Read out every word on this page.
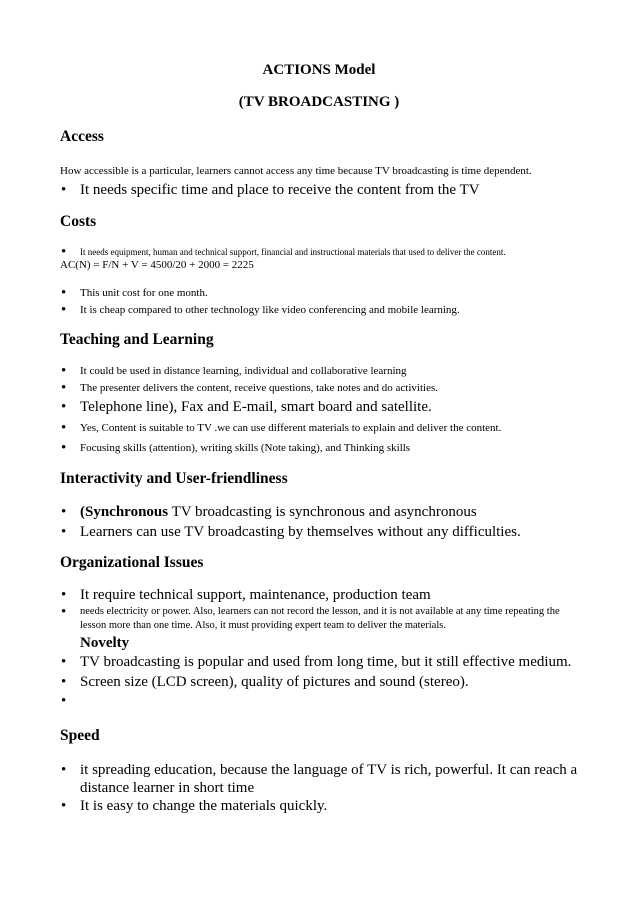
ACTIONS Model
(TV BROADCASTING )
Access

How accessible is a particular, learners cannot access any time because TV broadcasting is time dependent.

• It needs specific time and place to receive the content from the TV
Costs
• It needs equipment, human and technical support, financial and instructional materials that used to deliver the content.

AC(N) = F/N + V = 4500/20 + 2000 = 2225

• This unit cost for one month.
• It is cheap compared to other technology like video conferencing and mobile learning.
Teaching and Learning
• It could be used in distance learning, individual and collaborative learning
• The presenter delivers the content, receive questions, take notes and do activities.
• Telephone line), Fax and E-mail, smart board and satellite.
• Yes, Content is suitable to TV .we can use different materials to explain and deliver the content.
• Focusing skills (attention), writing skills (Note taking), and Thinking skills
Interactivity and User-friendliness
• (Synchronous TV broadcasting is synchronous and asynchronous
• Learners can use TV broadcasting by themselves without any difficulties.
Organizational Issues
• It require technical support, maintenance, production team
• needs electricity or power. Also, learners can not record the lesson, and it is not available at any time repeating the lesson more than one time. Also, it must providing expert team to deliver the materials.
Novelty
• TV broadcasting is popular and used from long time, but it still effective medium.
• Screen size (LCD screen), quality of pictures and sound (stereo).
•
Speed
• it spreading education, because the language of TV is rich, powerful. It can reach a distance learner in short time
• It is easy to change the materials quickly.
